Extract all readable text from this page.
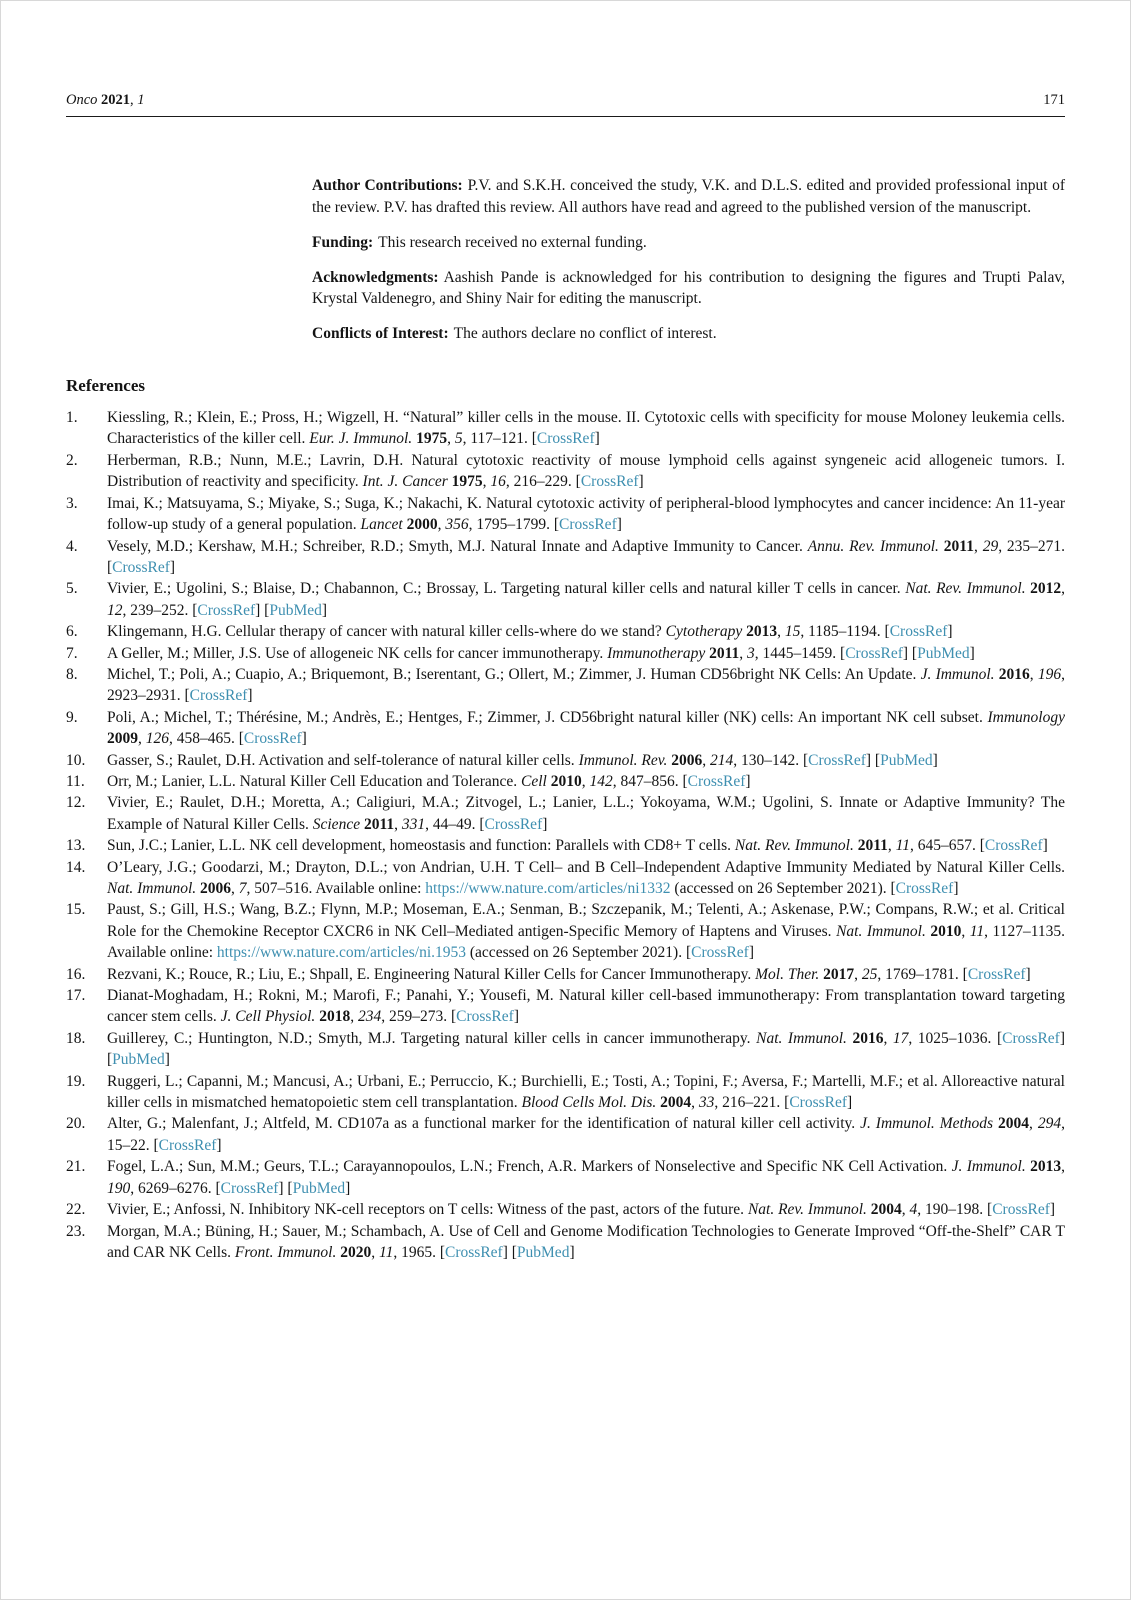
Onco 2021, 1	171

Author Contributions: P.V. and S.K.H. conceived the study, V.K. and D.L.S. edited and provided professional input of the review. P.V. has drafted this review. All authors have read and agreed to the published version of the manuscript.

Funding: This research received no external funding.

Acknowledgments: Aashish Pande is acknowledged for his contribution to designing the figures and Trupti Palav, Krystal Valdenegro, and Shiny Nair for editing the manuscript.

Conflicts of Interest: The authors declare no conflict of interest.

References
1.	Kiessling, R.; Klein, E.; Pross, H.; Wigzell, H. “Natural” killer cells in the mouse. II. Cytotoxic cells with specificity for mouse Moloney leukemia cells. Characteristics of the killer cell. Eur. J. Immunol. 1975, 5, 117–121. [CrossRef]
2.	Herberman, R.B.; Nunn, M.E.; Lavrin, D.H. Natural cytotoxic reactivity of mouse lymphoid cells against syngeneic acid allogeneic tumors. I. Distribution of reactivity and specificity. Int. J. Cancer 1975, 16, 216–229. [CrossRef]
3.	Imai, K.; Matsuyama, S.; Miyake, S.; Suga, K.; Nakachi, K. Natural cytotoxic activity of peripheral-blood lymphocytes and cancer incidence: An 11-year follow-up study of a general population. Lancet 2000, 356, 1795–1799. [CrossRef]
4.	Vesely, M.D.; Kershaw, M.H.; Schreiber, R.D.; Smyth, M.J. Natural Innate and Adaptive Immunity to Cancer. Annu. Rev. Immunol. 2011, 29, 235–271. [CrossRef]
5.	Vivier, E.; Ugolini, S.; Blaise, D.; Chabannon, C.; Brossay, L. Targeting natural killer cells and natural killer T cells in cancer. Nat. Rev. Immunol. 2012, 12, 239–252. [CrossRef] [PubMed]
6.	Klingemann, H.G. Cellular therapy of cancer with natural killer cells-where do we stand? Cytotherapy 2013, 15, 1185–1194. [CrossRef]
7.	A Geller, M.; Miller, J.S. Use of allogeneic NK cells for cancer immunotherapy. Immunotherapy 2011, 3, 1445–1459. [CrossRef] [PubMed]
8.	Michel, T.; Poli, A.; Cuapio, A.; Briquemont, B.; Iserentant, G.; Ollert, M.; Zimmer, J. Human CD56bright NK Cells: An Update. J. Immunol. 2016, 196, 2923–2931. [CrossRef]
9.	Poli, A.; Michel, T.; Thérésine, M.; Andrès, E.; Hentges, F.; Zimmer, J. CD56bright natural killer (NK) cells: An important NK cell subset. Immunology 2009, 126, 458–465. [CrossRef]
10.	Gasser, S.; Raulet, D.H. Activation and self-tolerance of natural killer cells. Immunol. Rev. 2006, 214, 130–142. [CrossRef] [PubMed]
11.	Orr, M.; Lanier, L.L. Natural Killer Cell Education and Tolerance. Cell 2010, 142, 847–856. [CrossRef]
12.	Vivier, E.; Raulet, D.H.; Moretta, A.; Caligiuri, M.A.; Zitvogel, L.; Lanier, L.L.; Yokoyama, W.M.; Ugolini, S. Innate or Adaptive Immunity? The Example of Natural Killer Cells. Science 2011, 331, 44–49. [CrossRef]
13.	Sun, J.C.; Lanier, L.L. NK cell development, homeostasis and function: Parallels with CD8+ T cells. Nat. Rev. Immunol. 2011, 11, 645–657. [CrossRef]
14.	O’Leary, J.G.; Goodarzi, M.; Drayton, D.L.; von Andrian, U.H. T Cell– and B Cell–Independent Adaptive Immunity Mediated by Natural Killer Cells. Nat. Immunol. 2006, 7, 507–516. Available online: https://www.nature.com/articles/ni1332 (accessed on 26 September 2021). [CrossRef]
15.	Paust, S.; Gill, H.S.; Wang, B.Z.; Flynn, M.P.; Moseman, E.A.; Senman, B.; Szczepanik, M.; Telenti, A.; Askenase, P.W.; Compans, R.W.; et al. Critical Role for the Chemokine Receptor CXCR6 in NK Cell–Mediated antigen-Specific Memory of Haptens and Viruses. Nat. Immunol. 2010, 11, 1127–1135. Available online: https://www.nature.com/articles/ni.1953 (accessed on 26 September 2021). [CrossRef]
16.	Rezvani, K.; Rouce, R.; Liu, E.; Shpall, E. Engineering Natural Killer Cells for Cancer Immunotherapy. Mol. Ther. 2017, 25, 1769–1781. [CrossRef]
17.	Dianat-Moghadam, H.; Rokni, M.; Marofi, F.; Panahi, Y.; Yousefi, M. Natural killer cell-based immunotherapy: From transplantation toward targeting cancer stem cells. J. Cell Physiol. 2018, 234, 259–273. [CrossRef]
18.	Guillerey, C.; Huntington, N.D.; Smyth, M.J. Targeting natural killer cells in cancer immunotherapy. Nat. Immunol. 2016, 17, 1025–1036. [CrossRef] [PubMed]
19.	Ruggeri, L.; Capanni, M.; Mancusi, A.; Urbani, E.; Perruccio, K.; Burchielli, E.; Tosti, A.; Topini, F.; Aversa, F.; Martelli, M.F.; et al. Alloreactive natural killer cells in mismatched hematopoietic stem cell transplantation. Blood Cells Mol. Dis. 2004, 33, 216–221. [CrossRef]
20.	Alter, G.; Malenfant, J.; Altfeld, M. CD107a as a functional marker for the identification of natural killer cell activity. J. Immunol. Methods 2004, 294, 15–22. [CrossRef]
21.	Fogel, L.A.; Sun, M.M.; Geurs, T.L.; Carayannopoulos, L.N.; French, A.R. Markers of Nonselective and Specific NK Cell Activation. J. Immunol. 2013, 190, 6269–6276. [CrossRef] [PubMed]
22.	Vivier, E.; Anfossi, N. Inhibitory NK-cell receptors on T cells: Witness of the past, actors of the future. Nat. Rev. Immunol. 2004, 4, 190–198. [CrossRef]
23.	Morgan, M.A.; Büning, H.; Sauer, M.; Schambach, A. Use of Cell and Genome Modification Technologies to Generate Improved “Off-the-Shelf” CAR T and CAR NK Cells. Front. Immunol. 2020, 11, 1965. [CrossRef] [PubMed]
